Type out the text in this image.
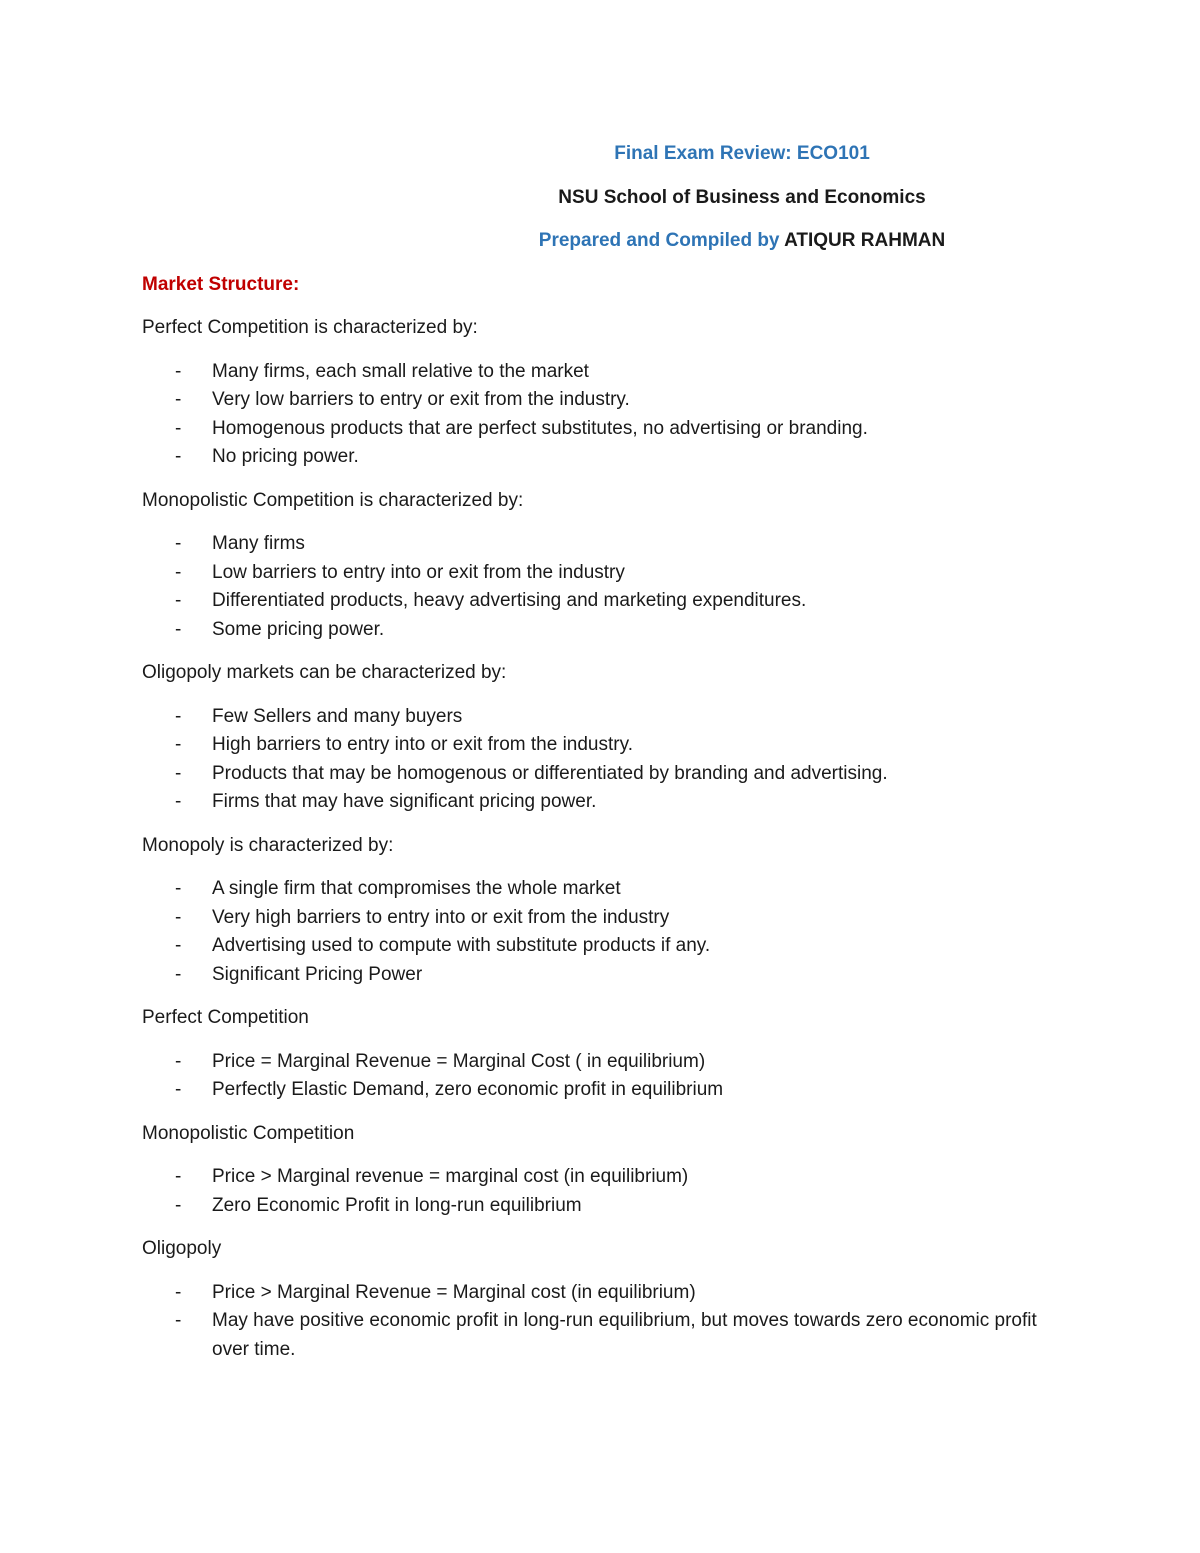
Final Exam Review: ECO101
NSU School of Business and Economics
Prepared and Compiled by ATIQUR RAHMAN
Market Structure:
Perfect Competition is characterized by:
- Many firms, each small relative to the market
- Very low barriers to entry or exit from the industry.
- Homogenous products that are perfect substitutes, no advertising or branding.
- No pricing power.
Monopolistic Competition is characterized by:
- Many firms
- Low barriers to entry into or exit from the industry
- Differentiated products, heavy advertising and marketing expenditures.
- Some pricing power.
Oligopoly markets can be characterized by:
- Few Sellers and many buyers
- High barriers to entry into or exit from the industry.
- Products that may be homogenous or differentiated by branding and advertising.
- Firms that may have significant pricing power.
Monopoly is characterized by:
- A single firm that compromises the whole market
- Very high barriers to entry into or exit from the industry
- Advertising used to compute with substitute products if any.
- Significant Pricing Power
Perfect Competition
- Price = Marginal Revenue = Marginal Cost ( in equilibrium)
- Perfectly Elastic Demand, zero economic profit in equilibrium
Monopolistic Competition
- Price > Marginal revenue = marginal cost (in equilibrium)
- Zero Economic Profit in long-run equilibrium
Oligopoly
- Price > Marginal Revenue = Marginal cost (in equilibrium)
- May have positive economic profit in long-run equilibrium, but moves towards zero economic profit over time.
